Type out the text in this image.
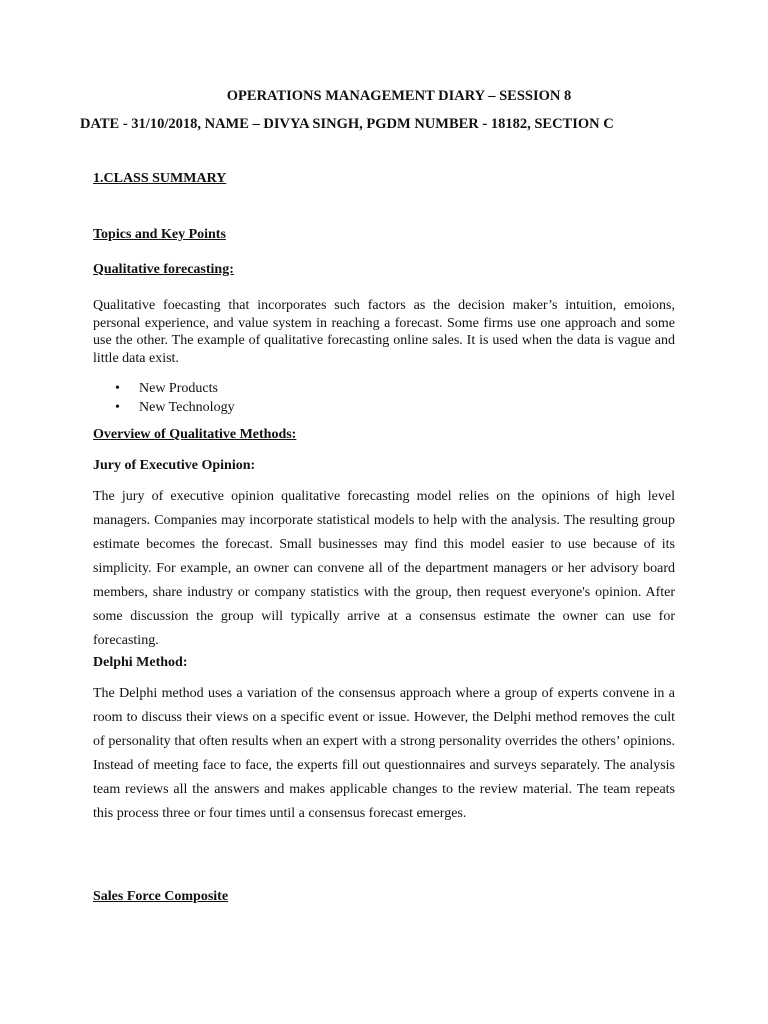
OPERATIONS MANAGEMENT DIARY – SESSION 8

DATE - 31/10/2018, NAME – DIVYA SINGH, PGDM NUMBER - 18182, SECTION C

1.CLASS SUMMARY

Topics and Key Points

Qualitative forecasting:

Qualitative foecasting that incorporates such factors as the decision maker’s intuition, emoions, personal experience, and value system in reaching a forecast. Some firms use one approach and some use the other. The example of qualitative forecasting online sales. It is used when the data is vague and little data exist.

• New Products
• New Technology

Overview of Qualitative Methods:

Jury of Executive Opinion:

The jury of executive opinion qualitative forecasting model relies on the opinions of high level managers. Companies may incorporate statistical models to help with the analysis. The resulting group estimate becomes the forecast. Small businesses may find this model easier to use because of its simplicity. For example, an owner can convene all of the department managers or her advisory board members, share industry or company statistics with the group, then request everyone's opinion. After some discussion the group will typically arrive at a consensus estimate the owner can use for forecasting.

Delphi Method:

The Delphi method uses a variation of the consensus approach where a group of experts convene in a room to discuss their views on a specific event or issue. However, the Delphi method removes the cult of personality that often results when an expert with a strong personality overrides the others’ opinions. Instead of meeting face to face, the experts fill out questionnaires and surveys separately. The analysis team reviews all the answers and makes applicable changes to the review material. The team repeats this process three or four times until a consensus forecast emerges.

Sales Force Composite
